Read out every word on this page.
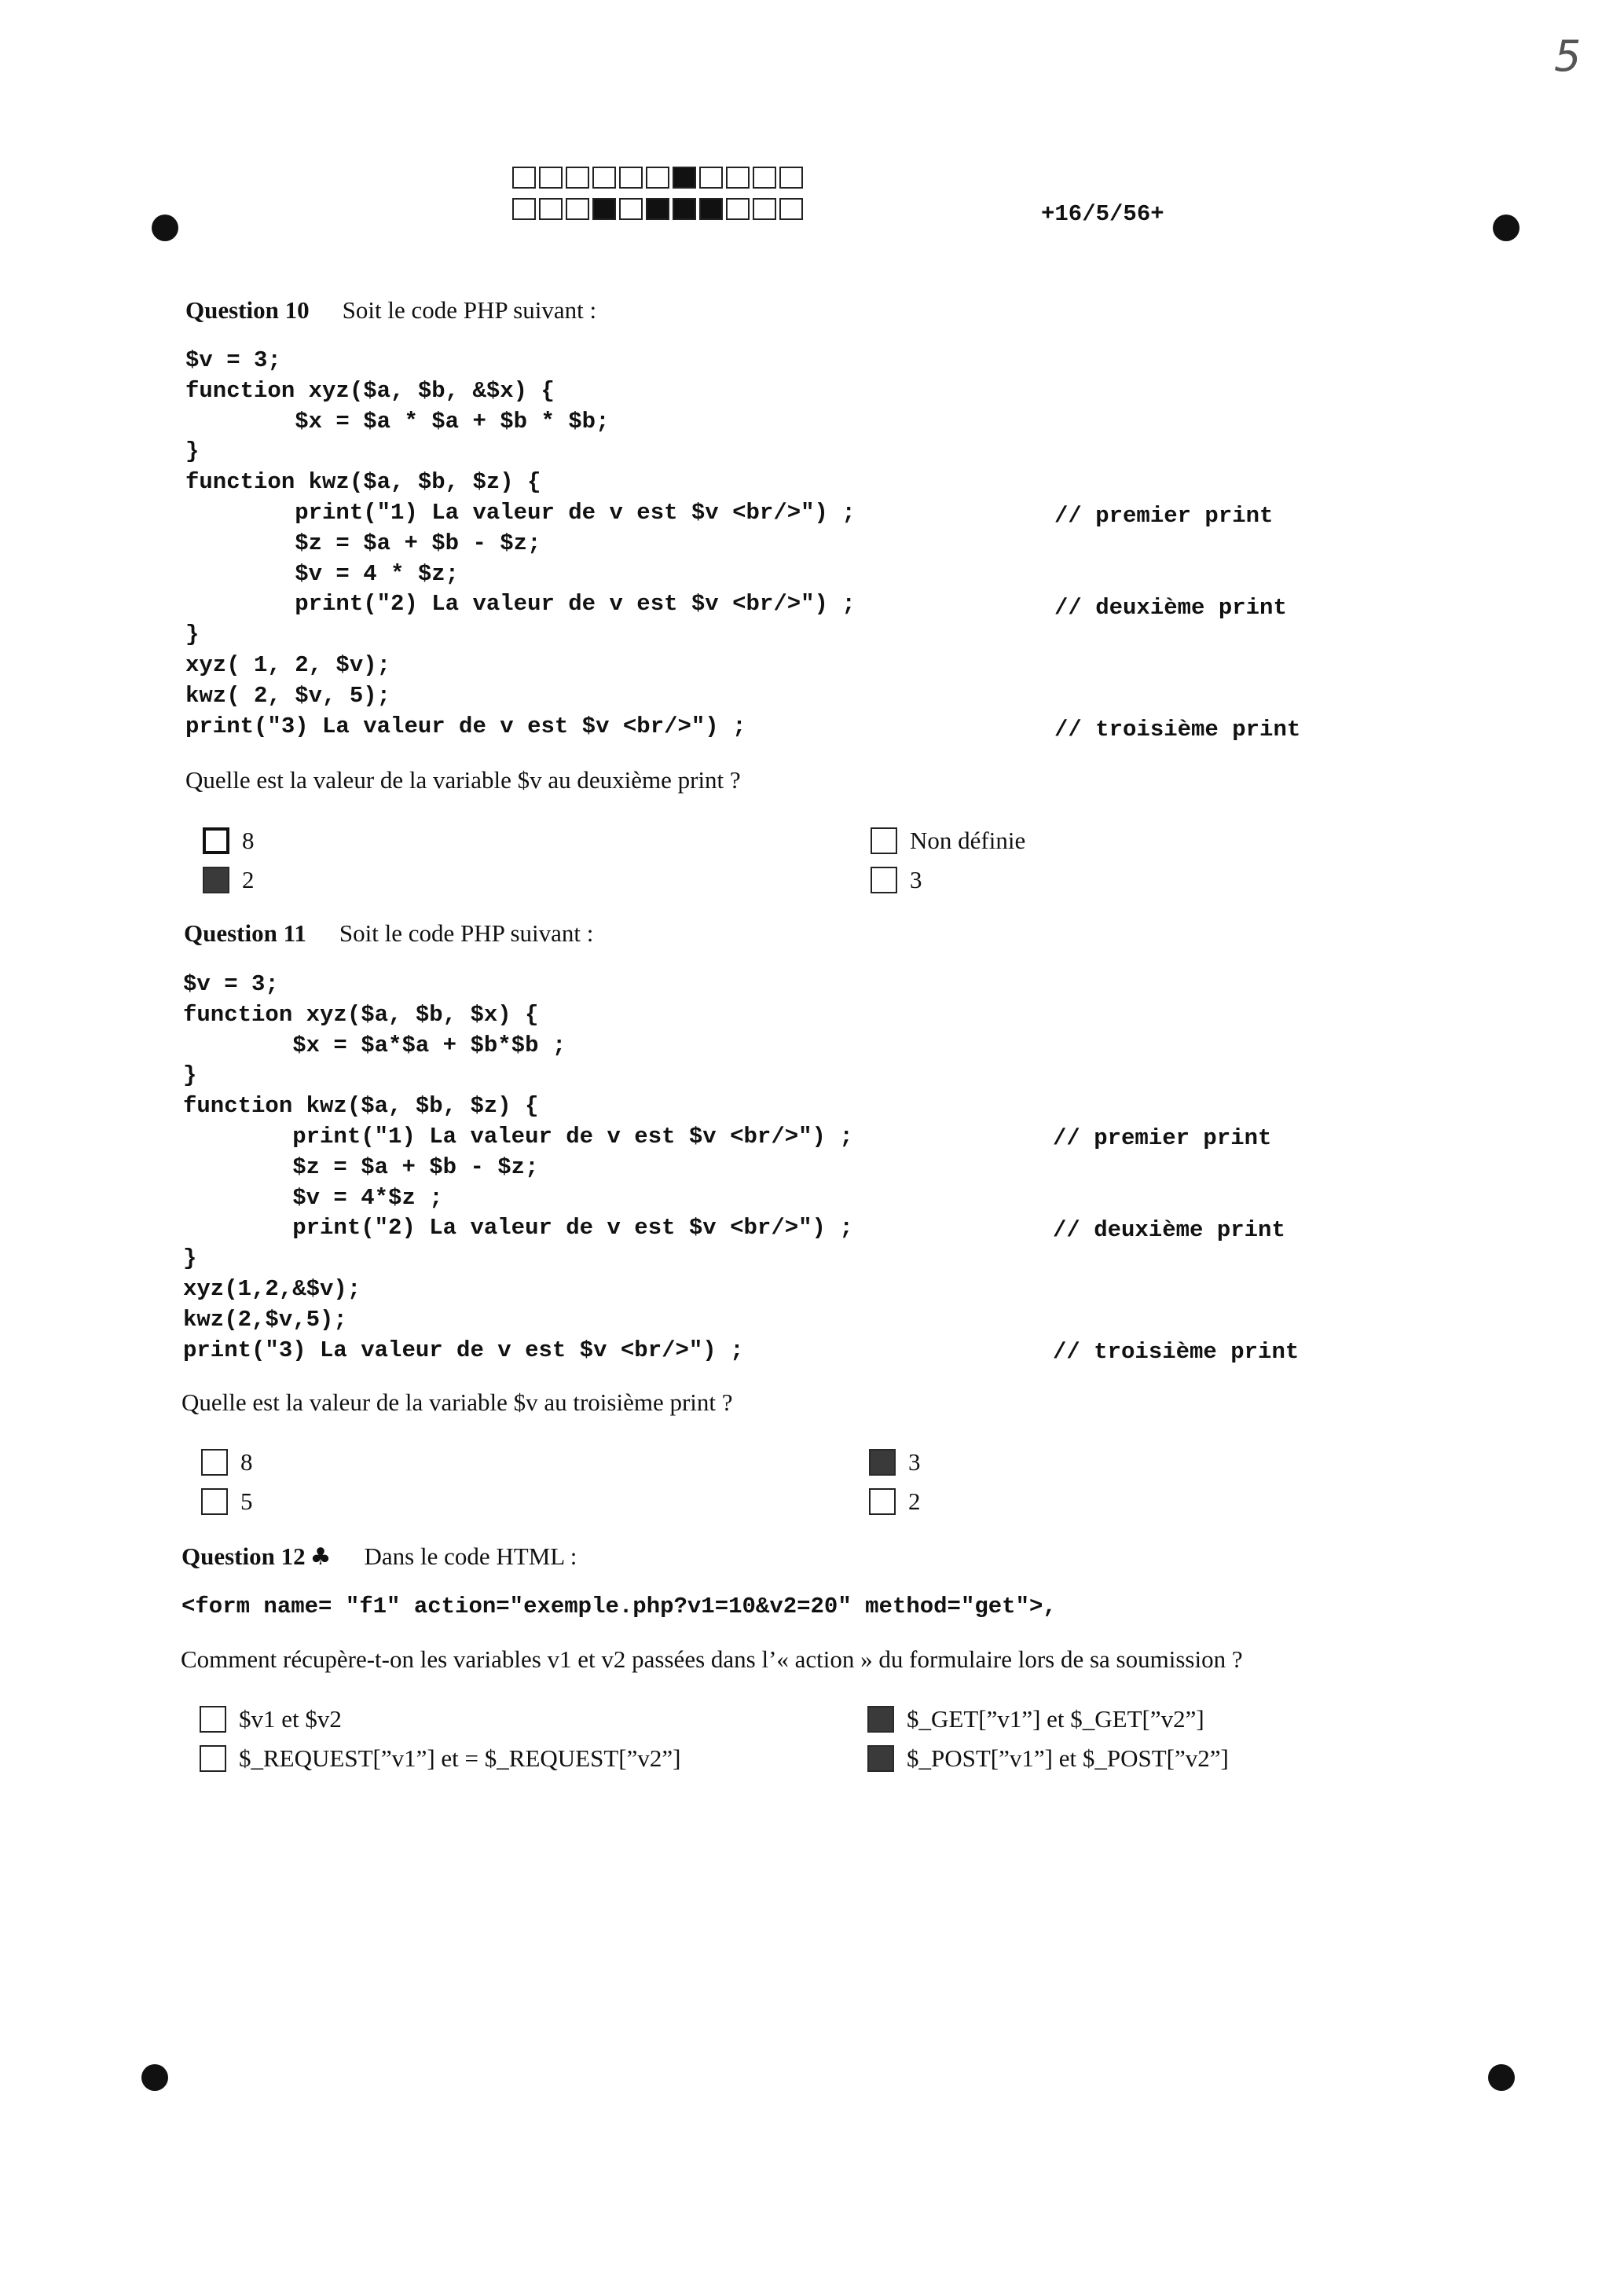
5
+16/5/56+
Question 10 Soit le code PHP suivant :
$v = 3;
function xyz($a, $b, &$x) {
$x = $a * $a + $b * $b;
}
function kwz($a, $b, $z) {
print("1) La valeur de v est $v <br/>") ;
$z = $a + $b - $z;
$v = 4 * $z;
print("2) La valeur de v est $v <br/>") ;
}
xyz( 1, 2, $v);
kwz( 2, $v, 5);
print("3) La valeur de v est $v <br/>") ;
// premier print
// deuxième print
// troisième print
Quelle est la valeur de la variable $v au deuxième print ?
8
2
Non définie
3
Question 11 Soit le code PHP suivant :
$v = 3;
function xyz($a, $b, $x) {
$x = $a*$a + $b*$b ;
}
function kwz($a, $b, $z) {
print("1) La valeur de v est $v <br/>") ;
$z = $a + $b - $z;
$v = 4*$z ;
print("2) La valeur de v est $v <br/>") ;
}
xyz(1,2,&$v);
kwz(2,$v,5);
print("3) La valeur de v est $v <br/>") ;
// premier print
// deuxième print
// troisième print
Quelle est la valeur de la variable $v au troisième print ?
8
5
3
2
Question 12 ♣ Dans le code HTML :
<form name= "f1" action="exemple.php?v1=10&v2=20" method="get">,
Comment récupère-t-on les variables v1 et v2 passées dans l’« action » du formulaire lors de sa soumission ?
$v1 et $v2
$_REQUEST[”v1”] et = $_REQUEST[”v2”]
$_GET[”v1”] et $_GET[”v2”]
$_POST[”v1”] et $_POST[”v2”]
